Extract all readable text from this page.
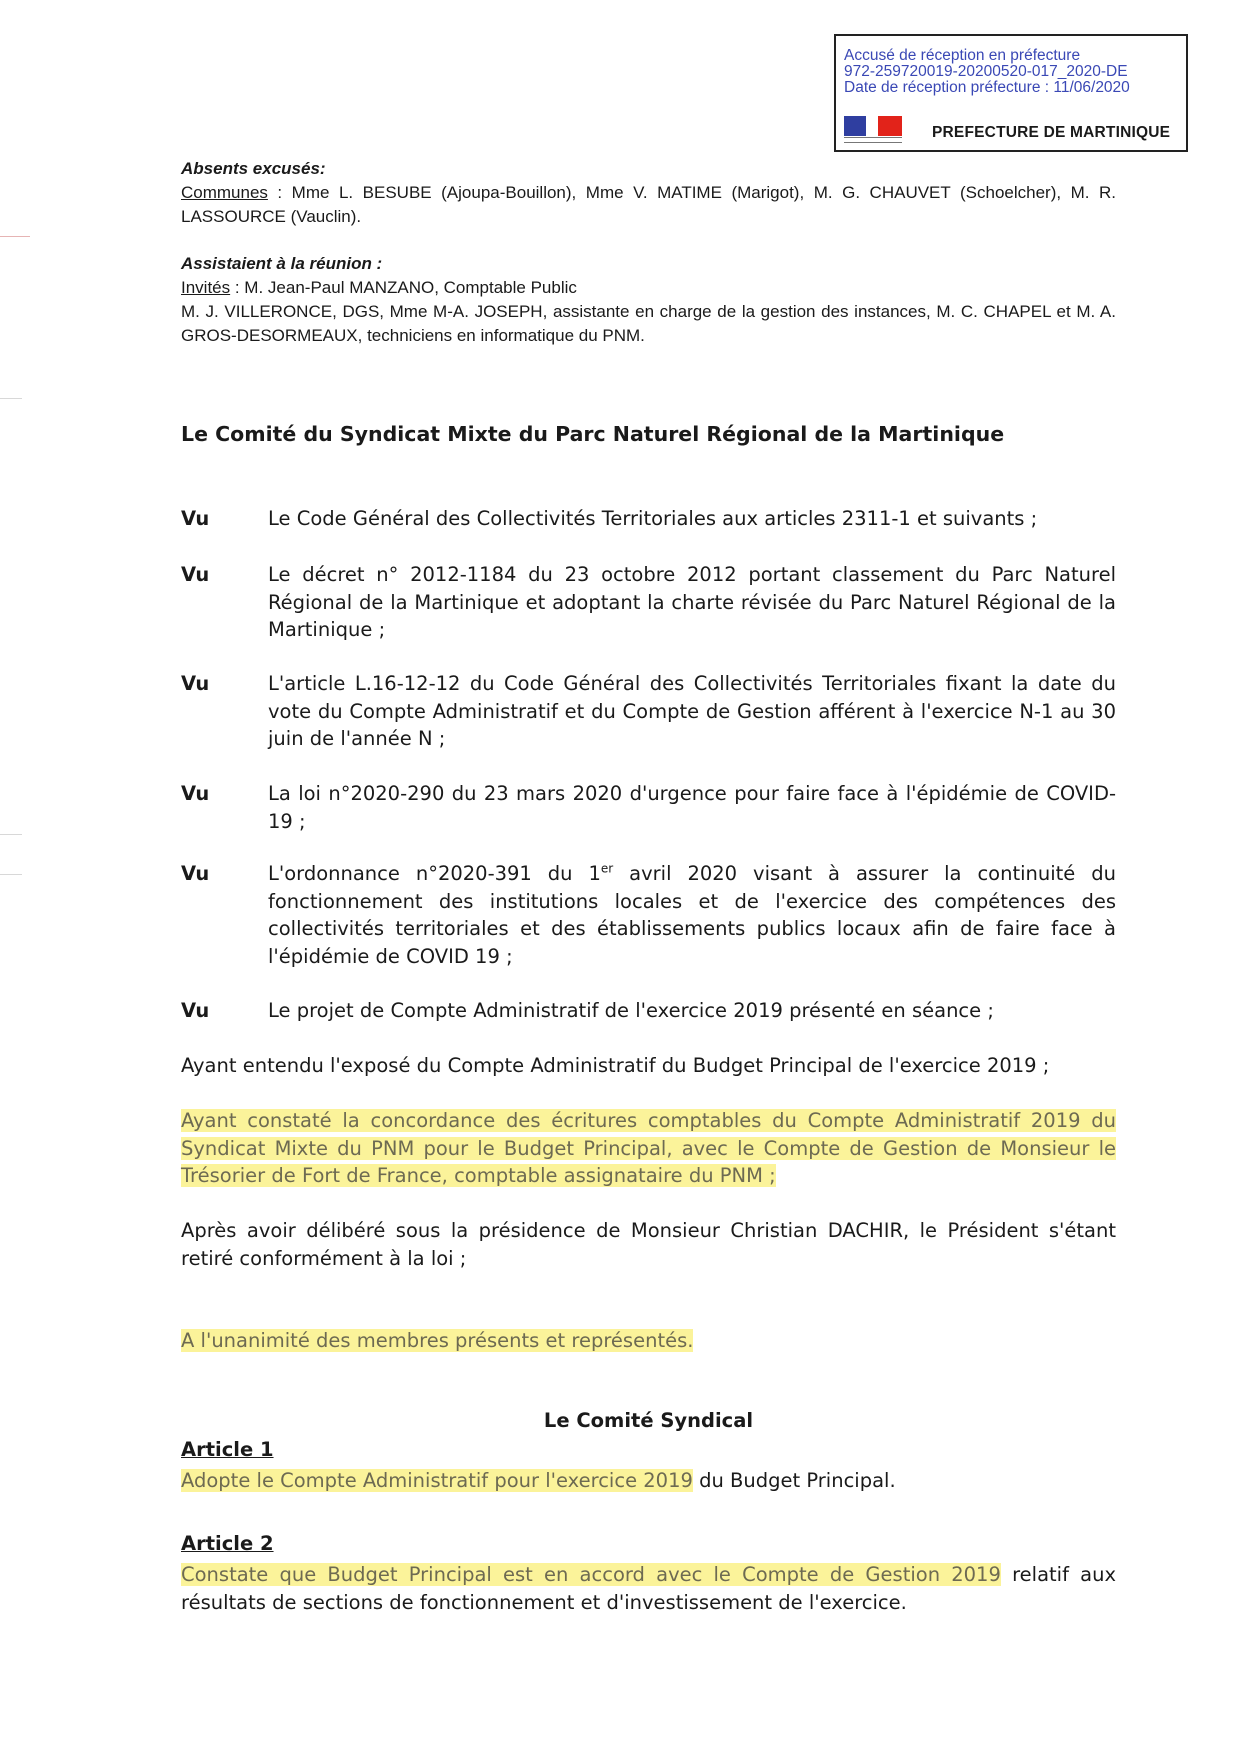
Accusé de réception en préfecture
972-259720019-20200520-017_2020-DE
Date de réception préfecture : 11/06/2020
PREFECTURE DE MARTINIQUE
Absents excusés:
Communes : Mme L. BESUBE (Ajoupa-Bouillon), Mme V. MATIME (Marigot), M. G. CHAUVET (Schoelcher), M. R. LASSOURCE (Vauclin).
Assistaient à la réunion :
Invités : M. Jean-Paul MANZANO, Comptable Public
M. J. VILLERONCE, DGS, Mme M-A. JOSEPH, assistante en charge de la gestion des instances, M. C. CHAPEL et M. A. GROS-DESORMEAUX, techniciens en informatique du PNM.
Le Comité du Syndicat Mixte du Parc Naturel Régional de la Martinique
Vu	Le Code Général des Collectivités Territoriales aux articles 2311-1 et suivants ;
Vu	Le décret n° 2012-1184 du 23 octobre 2012 portant classement du Parc Naturel Régional de la Martinique et adoptant la charte révisée du Parc Naturel Régional de la Martinique ;
Vu	L'article L.16-12-12 du Code Général des Collectivités Territoriales fixant la date du vote du Compte Administratif et du Compte de Gestion afférent à l'exercice N-1 au 30 juin de l'année N ;
Vu	La loi n°2020-290 du 23 mars 2020 d'urgence pour faire face à l'épidémie de COVID-19 ;
Vu	L'ordonnance n°2020-391 du 1er avril 2020 visant à assurer la continuité du fonctionnement des institutions locales et de l'exercice des compétences des collectivités territoriales et des établissements publics locaux afin de faire face à l'épidémie de COVID 19 ;
Vu	Le projet de Compte Administratif de l'exercice 2019 présenté en séance ;
Ayant entendu l'exposé du Compte Administratif du Budget Principal de l'exercice 2019 ;
Ayant constaté la concordance des écritures comptables du Compte Administratif 2019 du Syndicat Mixte du PNM pour le Budget Principal, avec le Compte de Gestion de Monsieur le Trésorier de Fort de France, comptable assignataire du PNM ;
Après avoir délibéré sous la présidence de Monsieur Christian DACHIR, le Président s'étant retiré conformément à la loi ;
A l'unanimité des membres présents et représentés.
Le Comité Syndical
Article 1
Adopte le Compte Administratif pour l'exercice 2019 du Budget Principal.
Article 2
Constate que Budget Principal est en accord avec le Compte de Gestion 2019 relatif aux résultats de sections de fonctionnement et d'investissement de l'exercice.
